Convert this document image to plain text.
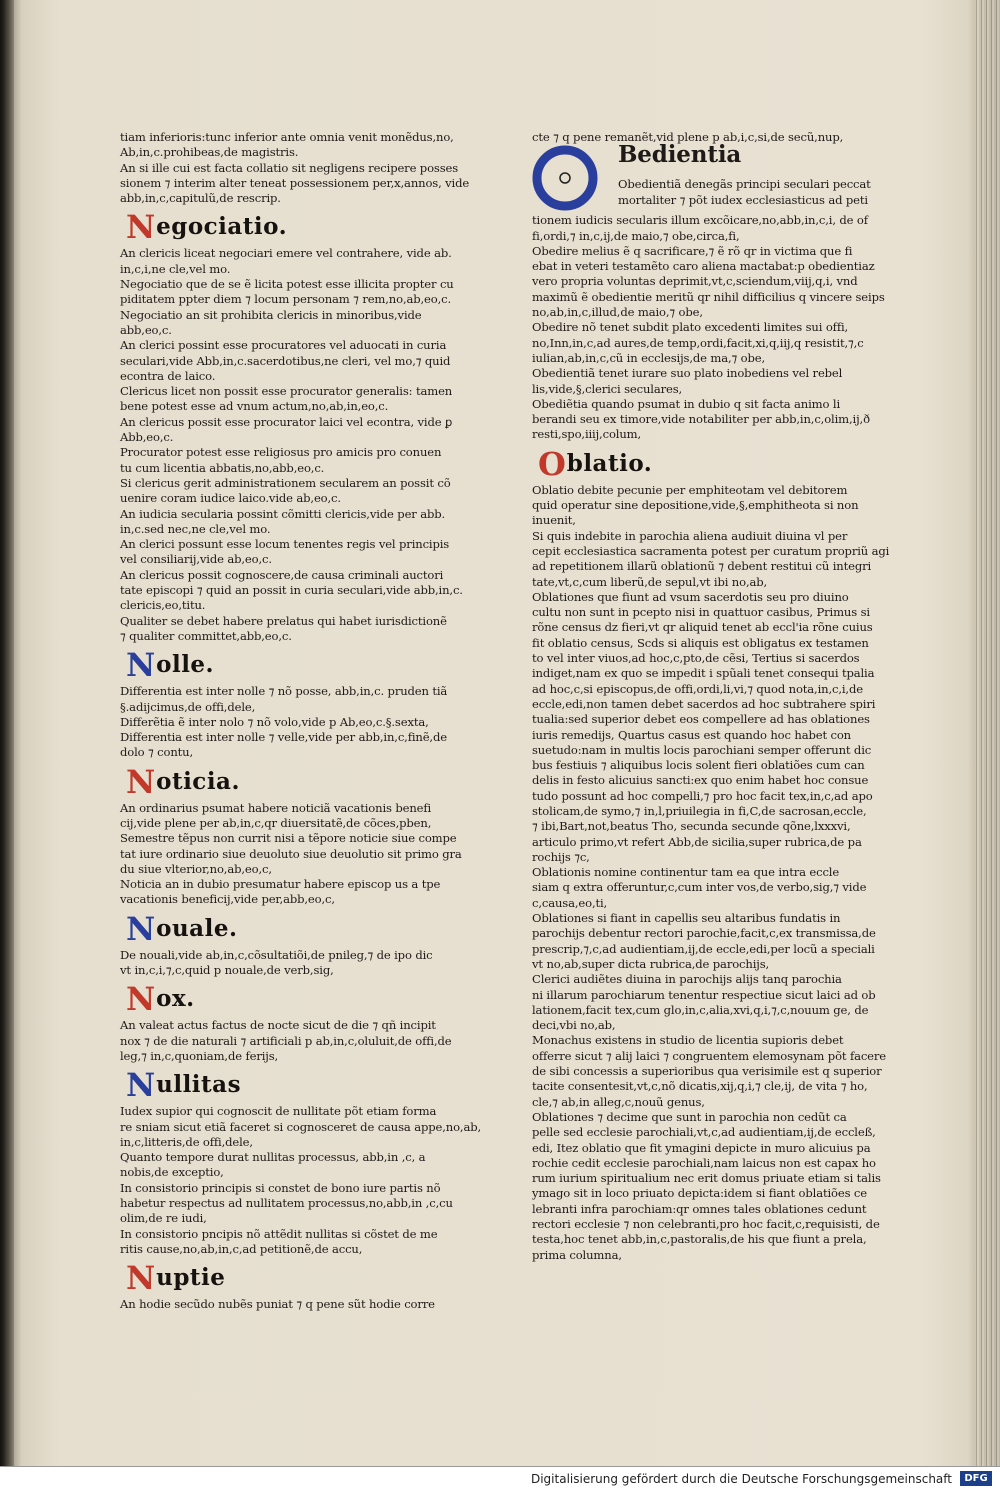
tiam inferioris:tunc inferior ante omnia venit monẽdus,no,
Ab,in,c.prohibeas,de magistris.
An si ille cui est facta collatio sit negligens recipere posses
sionem ⁊ interim alter teneat possessionem per,x,annos, vide
abb,in,c,capitulũ,de rescrip.
Negociatio.
An clericis liceat negociari emere vel contrahere, vide ab.
in,c,i,ne cle,vel mo.
Negociatio que de se ẽ licita potest esse illicita propter cu
piditatem ppter diem ⁊ locum personam ⁊ rem,no,ab,eo,c.
Negociatio an sit prohibita clericis in minoribus,vide
abb,eo,c.
An clerici possint esse procuratores vel aduocati in curia
seculari,vide Abb,in,c.sacerdotibus,ne cleri, vel mo,⁊ quid
econtra de laico.
Clericus licet non possit esse procurator generalis: tamen
bene potest esse ad vnum actum,no,ab,in,eo,c.
An clericus possit esse procurator laici vel econtra, vide ꝑ
Abb,eo,c.
Procurator potest esse religiosus pro amicis pro conuen
tu cum licentia abbatis,no,abb,eo,c.
Si clericus gerit administrationem secularem an possit cõ
uenire coram iudice laico.vide ab,eo,c.
An iudicia secularia possint cõmitti clericis,vide per abb.
in,c.sed nec,ne cle,vel mo.
An clerici possunt esse locum tenentes regis vel principis
vel consiliarij,vide ab,eo,c.
An clericus possit cognoscere,de causa criminali auctori
tate episcopi ⁊ quid an possit in curia seculari,vide abb,in,c.
clericis,eo,titu.
Qualiter se debet habere prelatus qui habet iurisdictionẽ
⁊ qualiter committet,abb,eo,c.
Nolle.
Differentia est inter nolle ⁊ nõ posse, abb,in,c. pruden tiã
§.adijcimus,de offi,dele,
Differẽtia ẽ inter nolo ⁊ nõ volo,vide p Ab,eo,c.§.sexta,
Differentia est inter nolle ⁊ velle,vide per abb,in,c,finẽ,de
dolo ⁊ contu,
Noticia.
An ordinarius psumat habere noticiã vacationis benefi
cij,vide plene per ab,in,c,qr diuersitatẽ,de cõces,pben,
Semestre tẽpus non currit nisi a tẽpore noticie siue compe
tat iure ordinario siue deuoluto siue deuolutio sit primo gra
du siue vlterior,no,ab,eo,c,
Noticia an in dubio presumatur habere episcop us a tpe
vacationis beneficij,vide per,abb,eo,c,
Nouale.
De nouali,vide ab,in,c,cõsultatiõi,de pnileg,⁊ de ipo dic
vt in,c,i,⁊,c,quid p nouale,de verb,sig,
Nox.
An valeat actus factus de nocte sicut de die ⁊ qñ incipit
nox ⁊ de die naturali ⁊ artificiali p ab,in,c,oluluit,de offi,de
leg,⁊ in,c,quoniam,de ferijs,
Nullitas
Iudex supior qui cognoscit de nullitate põt etiam forma
re sniam sicut etiã faceret si cognosceret de causa appe,no,ab,
in,c,litteris,de offi,dele,
Quanto tempore durat nullitas processus, abb,in ,c, a
nobis,de exceptio,
In consistorio principis si constet de bono iure partis nõ
habetur respectus ad nullitatem processus,no,abb,in ,c,cu
olim,de re iudi,
In consistorio pncipis nõ attẽdit nullitas si cõstet de me
ritis cause,no,ab,in,c,ad petitionẽ,de accu,
Nuptie
An hodie secũdo nubẽs puniat ⁊ q pene sũt hodie corre
cte ⁊ q pene remanẽt,vid plene p ab,i,c,si,de secũ,nup,
Bedientia
Obedientiã denegãs principi seculari peccat
mortaliter ⁊ põt iudex ecclesiasticus ad peti
tionem iudicis secularis illum excõicare,no,abb,in,c,i, de of
fi,ordi,⁊ in,c,ij,de maio,⁊ obe,circa,fi,
Obedire melius ẽ q sacrificare,⁊ ẽ rõ qr in victima que fi
ebat in veteri testamẽto caro aliena mactabat:p obedientiaz
vero propria voluntas deprimit,vt,c,sciendum,viij,q,i, vnd
maximũ ẽ obedientie meritũ qr nihil difficilius q vincere seips
no,ab,in,c,illud,de maio,⁊ obe,
Obedire nõ tenet subdit plato excedenti limites sui offi,
no,Inn,in,c,ad aures,de temp,ordi,facit,xi,q,iij,q resistit,⁊,c
iulian,ab,in,c,cũ in ecclesijs,de ma,⁊ obe,
Obedientiã tenet iurare suo plato inobediens vel rebel
lis,vide,§,clerici seculares,
Obediẽtia quando psumat in dubio q sit facta animo li
berandi seu ex timore,vide notabiliter per abb,in,c,olim,ij,ð
resti,spo,iiij,colum,
Oblatio.
Oblatio debite pecunie per emphiteotam vel debitorem
quid operatur sine depositione,vide,§,emphitheota si non
inuenit,
Si quis indebite in parochia aliena audiuit diuina vl per
cepit ecclesiastica sacramenta potest per curatum propriũ agi
ad repetitionem illarũ oblationũ ⁊ debent restitui cũ integri
tate,vt,c,cum liberũ,de sepul,vt ibi no,ab,
Oblationes que fiunt ad vsum sacerdotis seu pro diuino
cultu non sunt in pcepto nisi in quattuor casibus, Primus si
rõne census dz fieri,vt qr aliquid tenet ab eccl'ia rõne cuius
fit oblatio census, Scds si aliquis est obligatus ex testamen
to vel inter viuos,ad hoc,c,pto,de cẽsi, Tertius si sacerdos
indiget,nam ex quo se impedit i spũali tenet consequi tpalia
ad hoc,c,si episcopus,de offi,ordi,li,vi,⁊ quod nota,in,c,i,de
eccle,edi,non tamen debet sacerdos ad hoc subtrahere spiri
tualia:sed superior debet eos compellere ad has oblationes
iuris remedijs, Quartus casus est quando hoc habet con
suetudo:nam in multis locis parochiani semper offerunt dic
bus festiuis ⁊ aliquibus locis solent fieri oblatiões cum can
delis in festo alicuius sancti:ex quo enim habet hoc consue
tudo possunt ad hoc compelli,⁊ pro hoc facit tex,in,c,ad apo
stolicam,de symo,⁊ in,l,priuilegia in fi,C,de sacrosan,eccle,
⁊ ibi,Bart,not,beatus Tho, secunda secunde qõne,lxxxvi,
articulo primo,vt refert Abb,de sicilia,super rubrica,de pa
rochijs ⁊c,
Oblationis nomine continentur tam ea que intra eccle
siam q extra offeruntur,c,cum inter vos,de verbo,sig,⁊ vide
c,causa,eo,ti,
Oblationes si fiant in capellis seu altaribus fundatis in
parochijs debentur rectori parochie,facit,c,ex transmissa,de
prescrip,⁊,c,ad audientiam,ij,de eccle,edi,per locũ a speciali
vt no,ab,super dicta rubrica,de parochijs,
Clerici audiẽtes diuina in parochijs alijs tanq parochia
ni illarum parochiarum tenentur respectiue sicut laici ad ob
lationem,facit tex,cum glo,in,c,alia,xvi,q,i,⁊,c,nouum ge, de
deci,vbi no,ab,
Monachus existens in studio de licentia supioris debet
offerre sicut ⁊ alij laici ⁊ congruentem elemosynam põt facere
de sibi concessis a superioribus qua verisimile est q superior
tacite consentesit,vt,c,nõ dicatis,xij,q,i,⁊ cle,ij, de vita ⁊ ho,
cle,⁊ ab,in alleg,c,nouũ genus,
Oblationes ⁊ decime que sunt in parochia non cedũt ca
pelle sed ecclesie parochiali,vt,c,ad audientiam,ij,de eccleß,
edi, Itez oblatio que fit ymagini depicte in muro alicuius pa
rochie cedit ecclesie parochiali,nam laicus non est capax ho
rum iurium spiritualium nec erit domus priuate etiam si talis
ymago sit in loco priuato depicta:idem si fiant oblatiões ce
lebranti infra parochiam:qr omnes tales oblationes cedunt
rectori ecclesie ⁊ non celebranti,pro hoc facit,c,requisisti, de
testa,hoc tenet abb,in,c,pastoralis,de his que fiunt a prela,
prima columna,
Digitalisierung gefördert durch die Deutsche Forschungsgemeinschaft	DFG
